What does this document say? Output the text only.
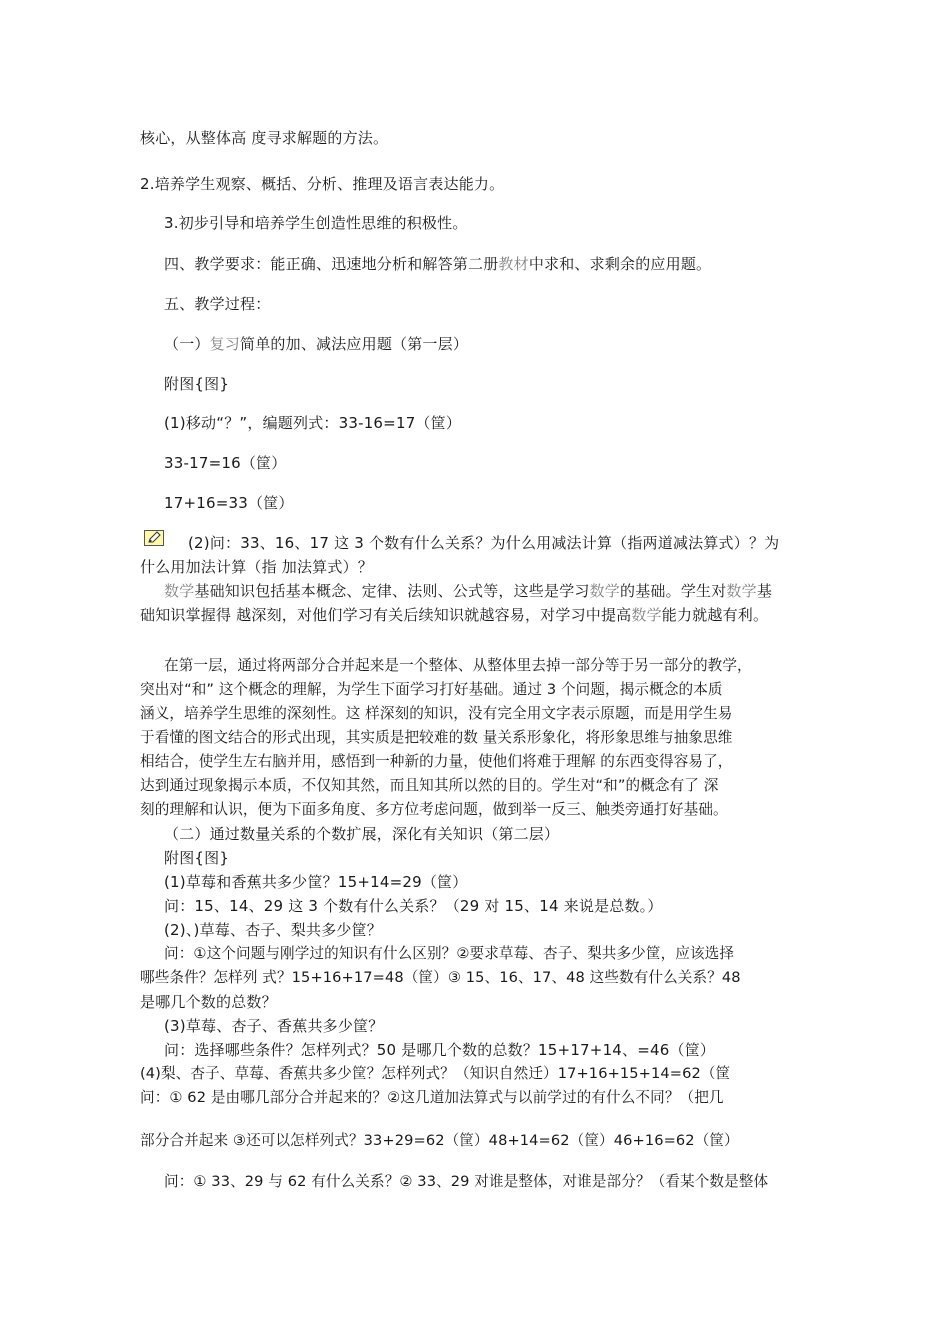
核心，从整体高 度寻求解题的方法。

2.培养学生观察、概括、分析、推理及语言表达能力。

3.初步引导和培养学生创造性思维的积极性。

四、教学要求：能正确、迅速地分析和解答第二册教材中求和、求剩余的应用题。

五、教学过程：

（一）复习简单的加、减法应用题（第一层）

附图{图}

(1)移动“？”，编题列式：33-16=17（筐）

33-17=16（筐）

17+16=33（筐）

(2)问：33、16、17 这 3 个数有什么关系？为什么用减法计算（指两道减法算式）？为

什么用加法计算（指 加法算式）？

数学基础知识包括基本概念、定律、法则、公式等，这些是学习数学的基础。学生对数学基

础知识掌握得 越深刻，对他们学习有关后续知识就越容易，对学习中提高数学能力就越有利。

在第一层，通过将两部分合并起来是一个整体、从整体里去掉一部分等于另一部分的教学，

突出对“和” 这个概念的理解，为学生下面学习打好基础。通过 3 个问题，揭示概念的本质

涵义，培养学生思维的深刻性。这 样深刻的知识，没有完全用文字表示原题，而是用学生易

于看懂的图文结合的形式出现，其实质是把较难的数 量关系形象化，将形象思维与抽象思维

相结合，使学生左右脑并用，感悟到一种新的力量，使他们将难于理解 的东西变得容易了，

达到通过现象揭示本质，不仅知其然，而且知其所以然的目的。学生对“和”的概念有了 深

刻的理解和认识，便为下面多角度、多方位考虑问题，做到举一反三、触类旁通打好基础。

（二）通过数量关系的个数扩展，深化有关知识（第二层）

附图{图}

(1)草莓和香蕉共多少筐？15+14=29（筐）

问：15、14、29 这 3 个数有什么关系？（29 对 15、14 来说是总数。）

(2)、)草莓、杏子、梨共多少筐？

问：①这个问题与刚学过的知识有什么区别？②要求草莓、杏子、梨共多少筐，应该选择

哪些条件？怎样列 式？15+16+17=48（筐）③ 15、16、17、48 这些数有什么关系？48

是哪几个数的总数？

(3)草莓、杏子、香蕉共多少筐？

问：选择哪些条件？怎样列式？50 是哪几个数的总数？15+17+14、=46（筐）

(4)梨、杏子、草莓、香蕉共多少筐？怎样列式？（知识自然迁）17+16+15+14=62（筐

问：① 62 是由哪几部分合并起来的？②这几道加法算式与以前学过的有什么不同？（把几

部分合并起来 ③还可以怎样列式？33+29=62（筐）48+14=62（筐）46+16=62（筐）

问：① 33、29 与 62 有什么关系？② 33、29 对谁是整体，对谁是部分？（看某个数是整体
